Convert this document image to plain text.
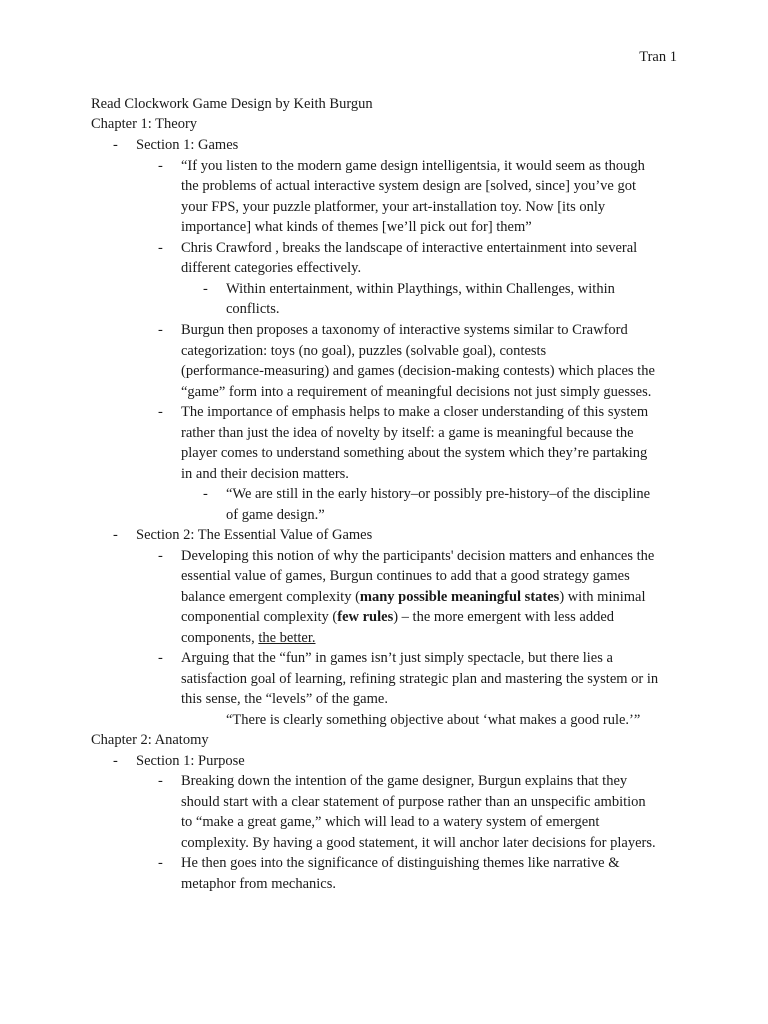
Tran 1
Read Clockwork Game Design by Keith Burgun
Chapter 1: Theory
- Section 1: Games
- “If you listen to the modern game design intelligentsia, it would seem as though
the problems of actual interactive system design are [solved, since] you’ve got
your FPS, your puzzle platformer, your art-installation toy. Now [its only
importance] what kinds of themes [we’ll pick out for] them”
- Chris Crawford , breaks the landscape of interactive entertainment into several
different categories effectively.
- Within entertainment, within Playthings, within Challenges, within
conflicts.
- Burgun then proposes a taxonomy of interactive systems similar to Crawford
categorization: toys (no goal), puzzles (solvable goal), contests
(performance-measuring) and games (decision-making contests) which places the
“game” form into a requirement of meaningful decisions not just simply guesses.
- The importance of emphasis helps to make a closer understanding of this system
rather than just the idea of novelty by itself: a game is meaningful because the
player comes to understand something about the system which they’re partaking
in and their decision matters.
- “We are still in the early history–or possibly pre-history–of the discipline
of game design.”
- Section 2: The Essential Value of Games
- Developing this notion of why the participants' decision matters and enhances the
essential value of games, Burgun continues to add that a good strategy games
balance emergent complexity (many possible meaningful states) with minimal
componential complexity (few rules) – the more emergent with less added
components, the better.
- Arguing that the “fun” in games isn’t just simply spectacle, but there lies a
satisfaction goal of learning, refining strategic plan and mastering the system or in
this sense, the “levels” of the game.
“There is clearly something objective about ‘what makes a good rule.’”
Chapter 2: Anatomy
- Section 1: Purpose
- Breaking down the intention of the game designer, Burgun explains that they
should start with a clear statement of purpose rather than an unspecific ambition
to “make a great game,” which will lead to a watery system of emergent
complexity. By having a good statement, it will anchor later decisions for players.
- He then goes into the significance of distinguishing themes like narrative &
metaphor from mechanics.
